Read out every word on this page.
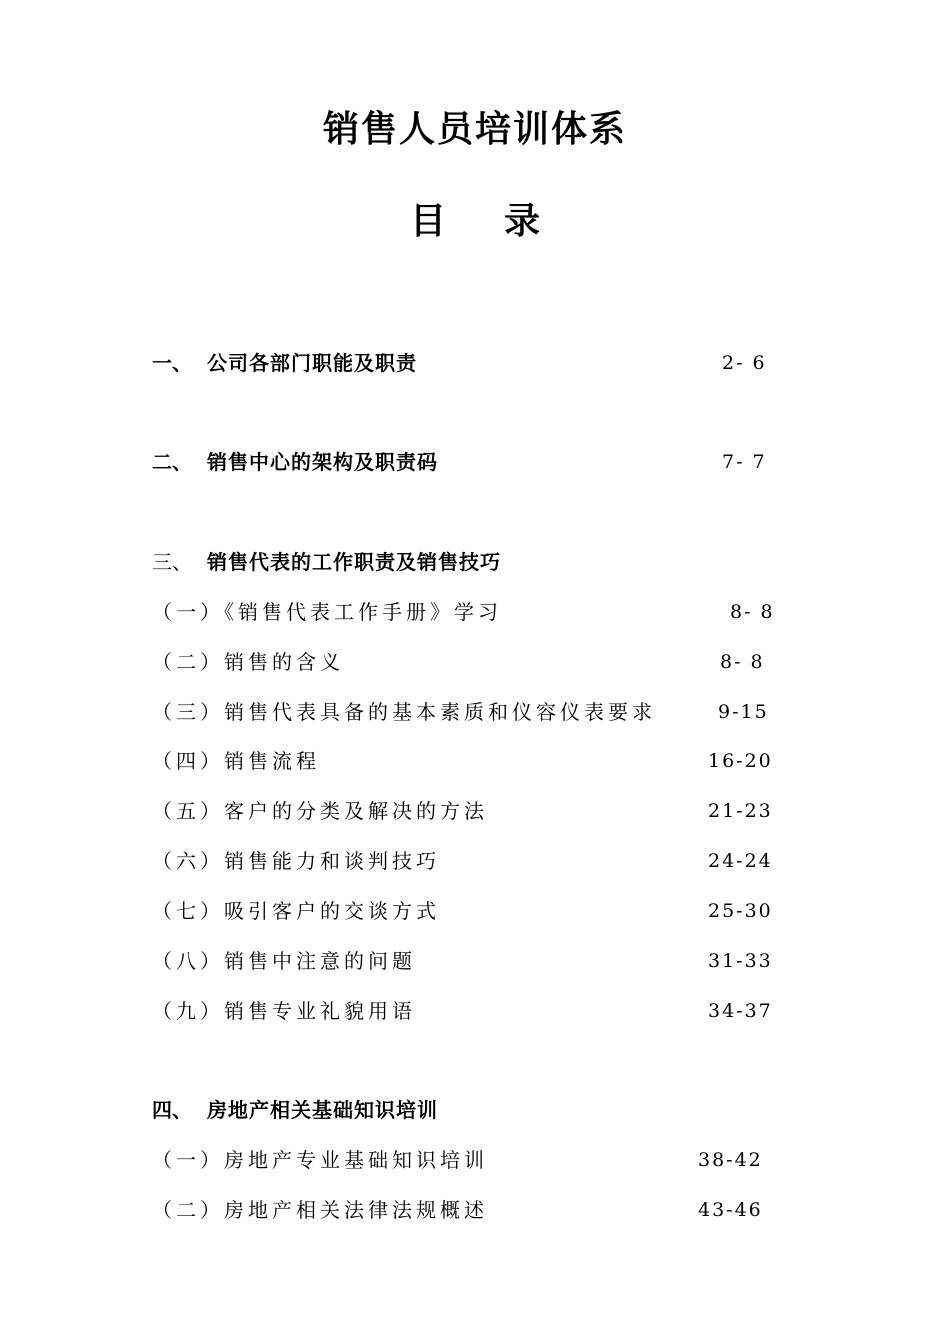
销售人员培训体系
目 录
一、 公司各部门职能及职责	2- 6
二、 销售中心的架构及职责码	7- 7
三、 销售代表的工作职责及销售技巧
（一）《销售代表工作手册》学习	8- 8
（二）销售的含义	8- 8
（三）销售代表具备的基本素质和仪容仪表要求	9-15
（四）销售流程	16-20
（五）客户的分类及解决的方法	21-23
（六）销售能力和谈判技巧	24-24
（七）吸引客户的交谈方式	25-30
（八）销售中注意的问题	31-33
（九）销售专业礼貌用语	34-37
四、 房地产相关基础知识培训
（一）房地产专业基础知识培训	38-42
（二）房地产相关法律法规概述	43-46
